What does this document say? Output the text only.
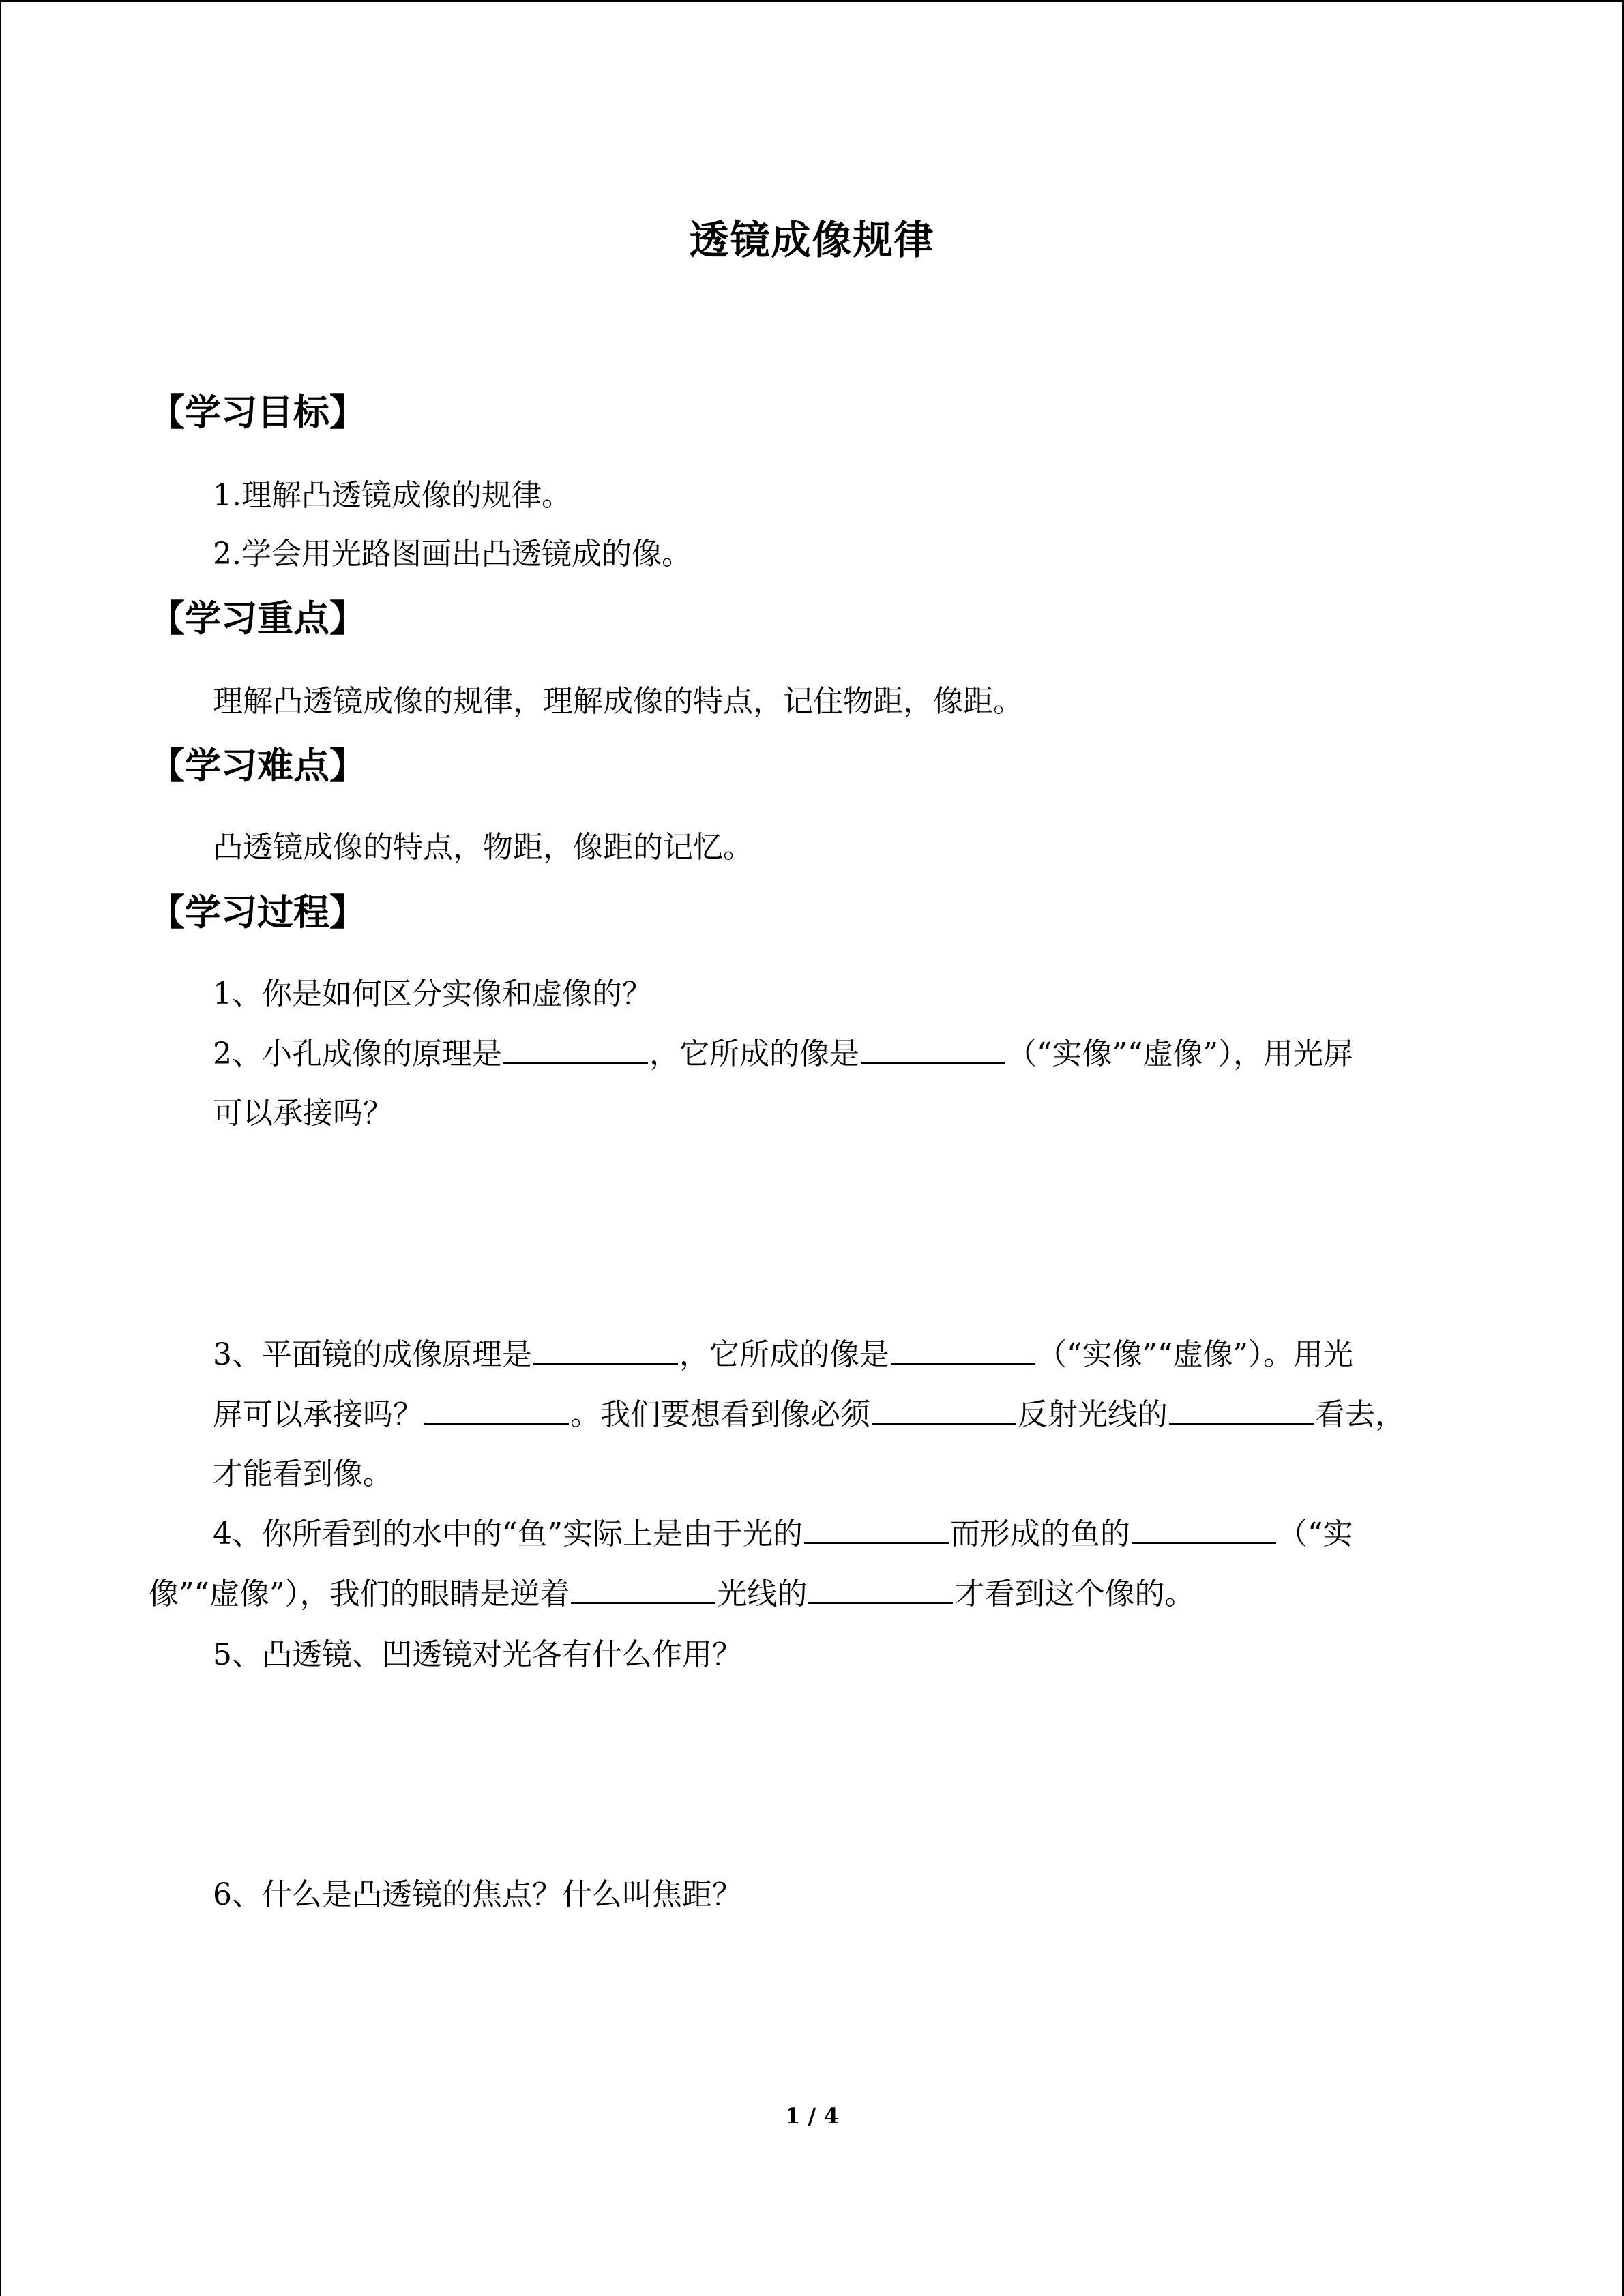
透镜成像规律
【学习目标】
1.理解凸透镜成像的规律。
2.学会用光路图画出凸透镜成的像。
【学习重点】
理解凸透镜成像的规律，理解成像的特点，记住物距，像距。
【学习难点】
凸透镜成像的特点，物距，像距的记忆。
【学习过程】
1、你是如何区分实像和虚像的？
2、小孔成像的原理是	，它所成的像是	（“实像”“虚像”），用光屏
可以承接吗？
3、平面镜的成像原理是	，它所成的像是	（“实像”“虚像”）。用光
屏可以承接吗？	。我们要想看到像必须	反射光线的	看去，
才能看到像。
4、你所看到的水中的“鱼”实际上是由于光的	而形成的鱼的	（“实
像”“虚像”），我们的眼睛是逆着	光线的	才看到这个像的。
5、凸透镜、凹透镜对光各有什么作用？
6、什么是凸透镜的焦点？什么叫焦距？
1 / 4
